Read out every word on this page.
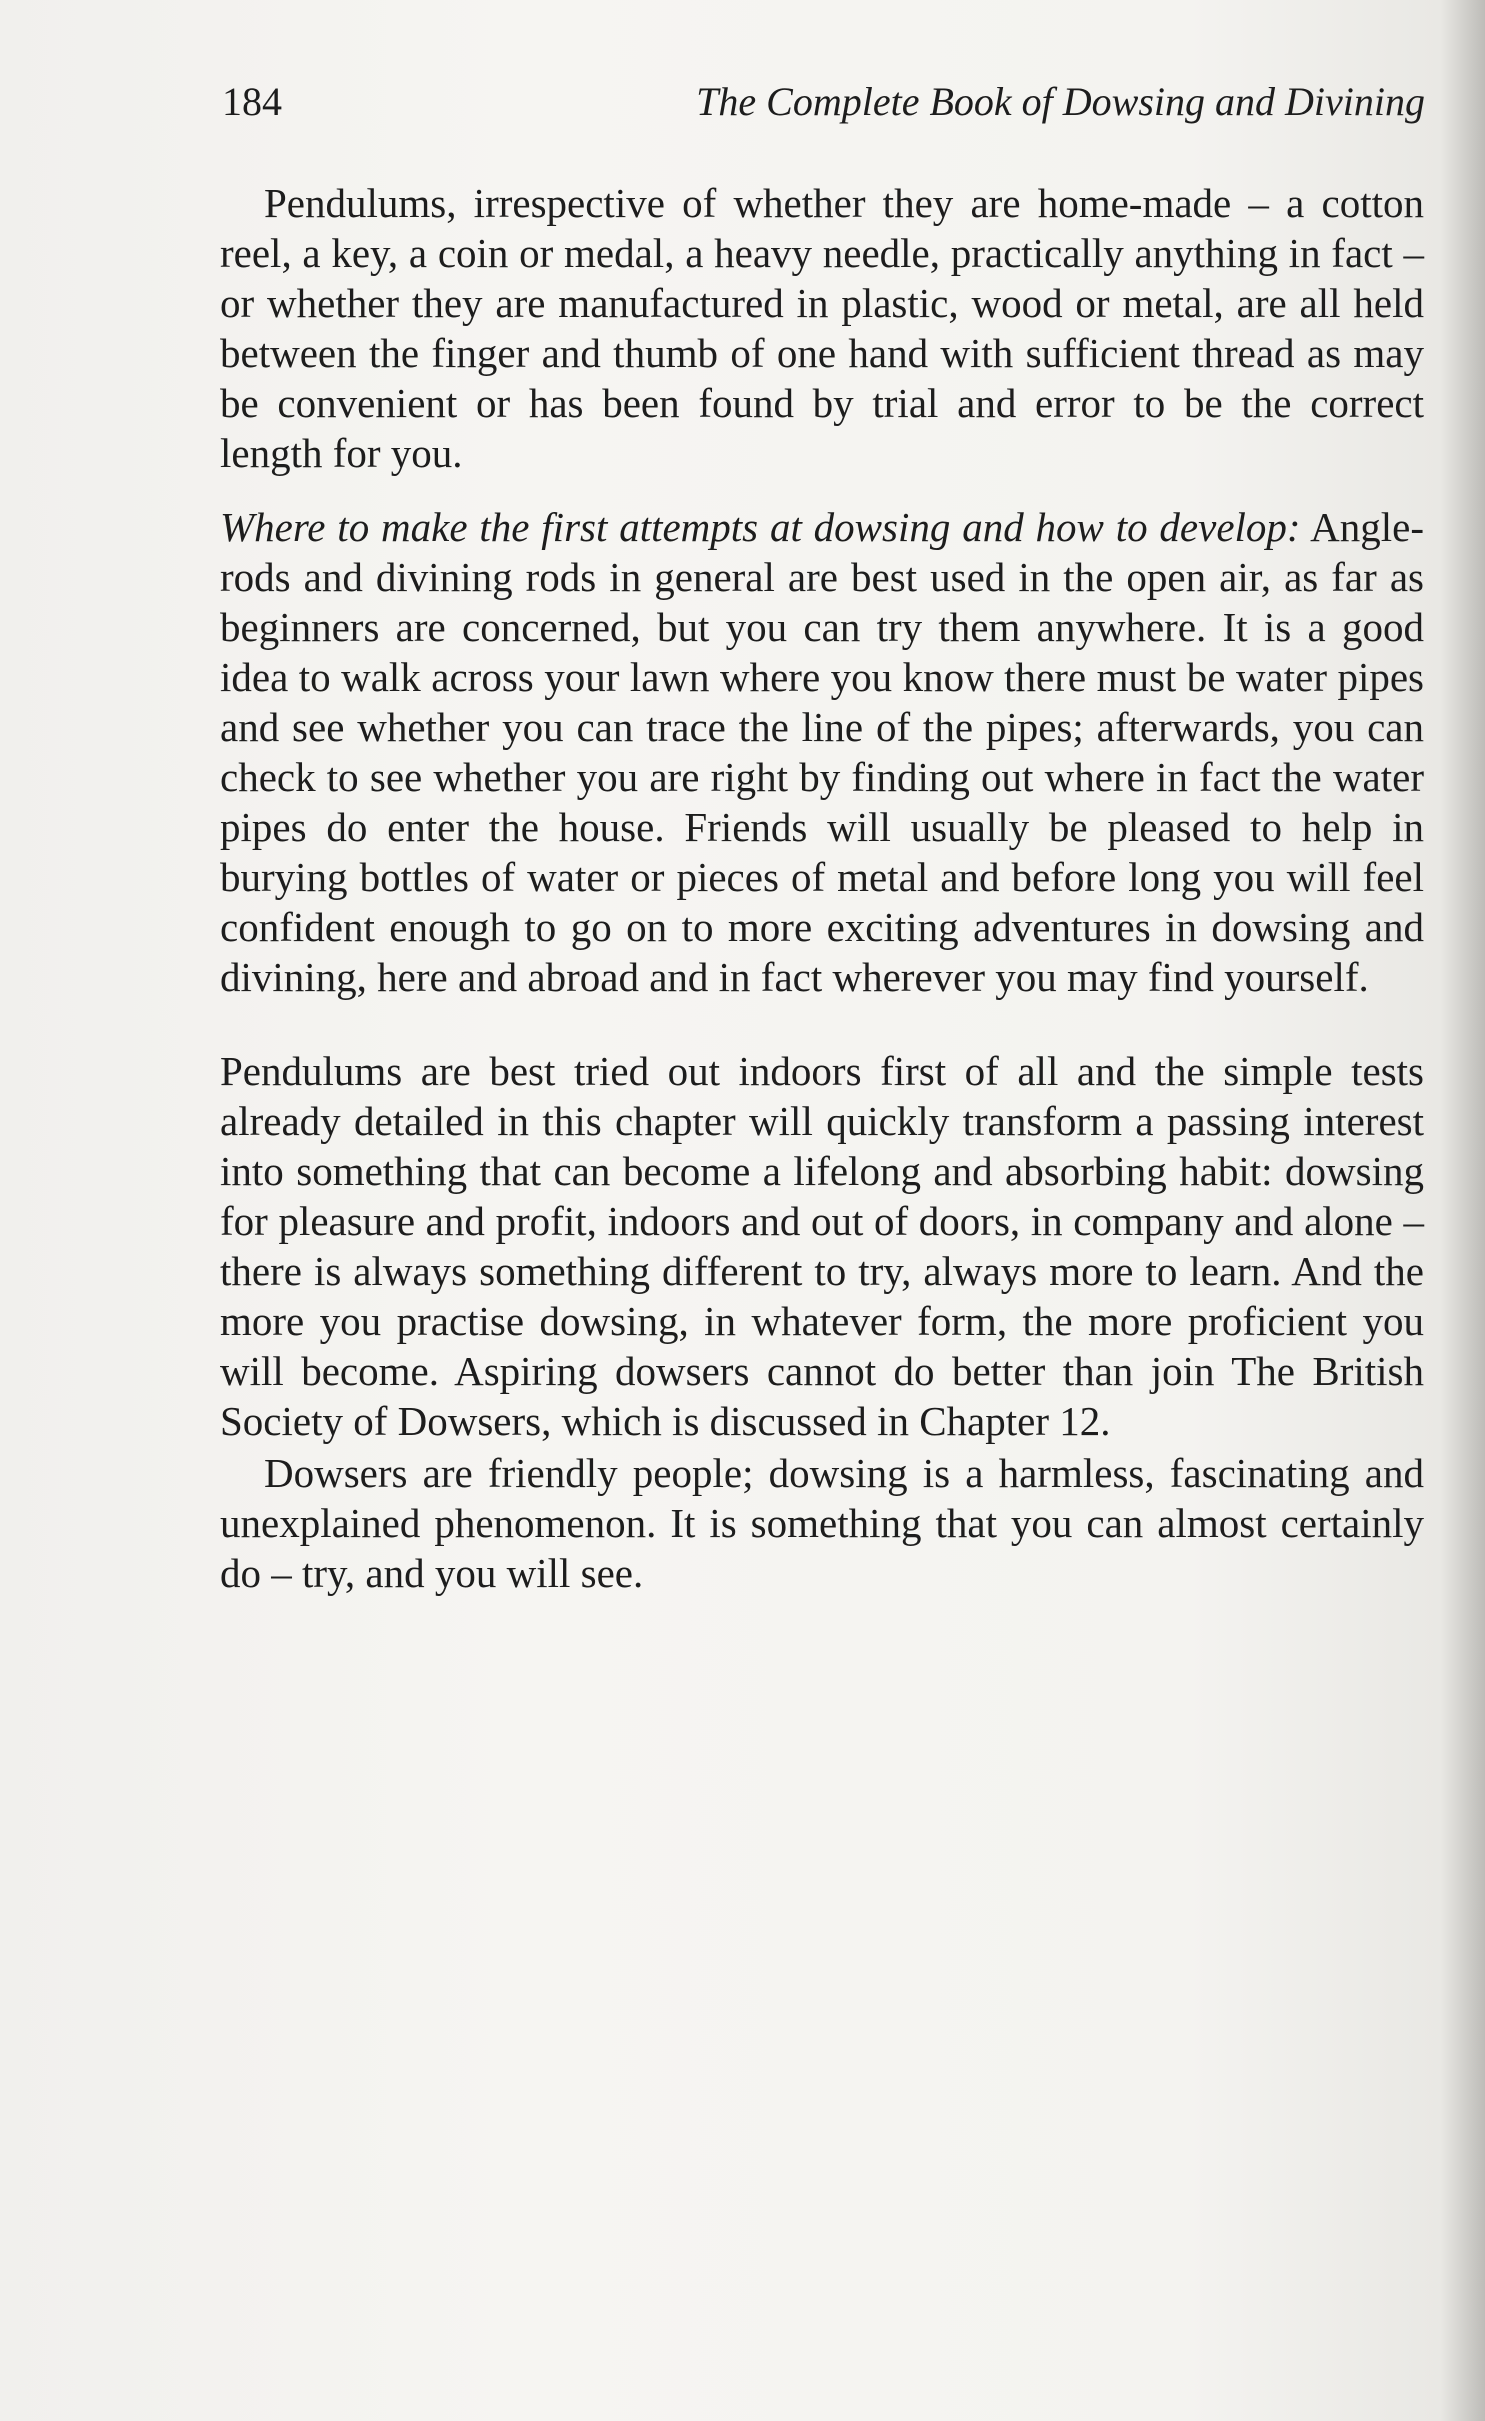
184	The Complete Book of Dowsing and Divining

Pendulums, irrespective of whether they are home-made – a cotton reel, a key, a coin or medal, a heavy needle, practically anything in fact – or whether they are manufactured in plastic, wood or metal, are all held between the finger and thumb of one hand with sufficient thread as may be convenient or has been found by trial and error to be the correct length for you.

Where to make the first attempts at dowsing and how to develop: Angle-rods and divining rods in general are best used in the open air, as far as beginners are concerned, but you can try them anywhere. It is a good idea to walk across your lawn where you know there must be water pipes and see whether you can trace the line of the pipes; afterwards, you can check to see whether you are right by finding out where in fact the water pipes do enter the house. Friends will usually be pleased to help in burying bottles of water or pieces of metal and before long you will feel confident enough to go on to more exciting adventures in dowsing and divining, here and abroad and in fact wherever you may find yourself.

Pendulums are best tried out indoors first of all and the simple tests already detailed in this chapter will quickly transform a passing interest into something that can become a lifelong and absorbing habit: dowsing for pleasure and profit, indoors and out of doors, in company and alone – there is always something different to try, always more to learn. And the more you practise dowsing, in whatever form, the more proficient you will become. Aspiring dowsers cannot do better than join The British Society of Dowsers, which is discussed in Chapter 12.

Dowsers are friendly people; dowsing is a harmless, fascinating and unexplained phenomenon. It is something that you can almost certainly do – try, and you will see.
